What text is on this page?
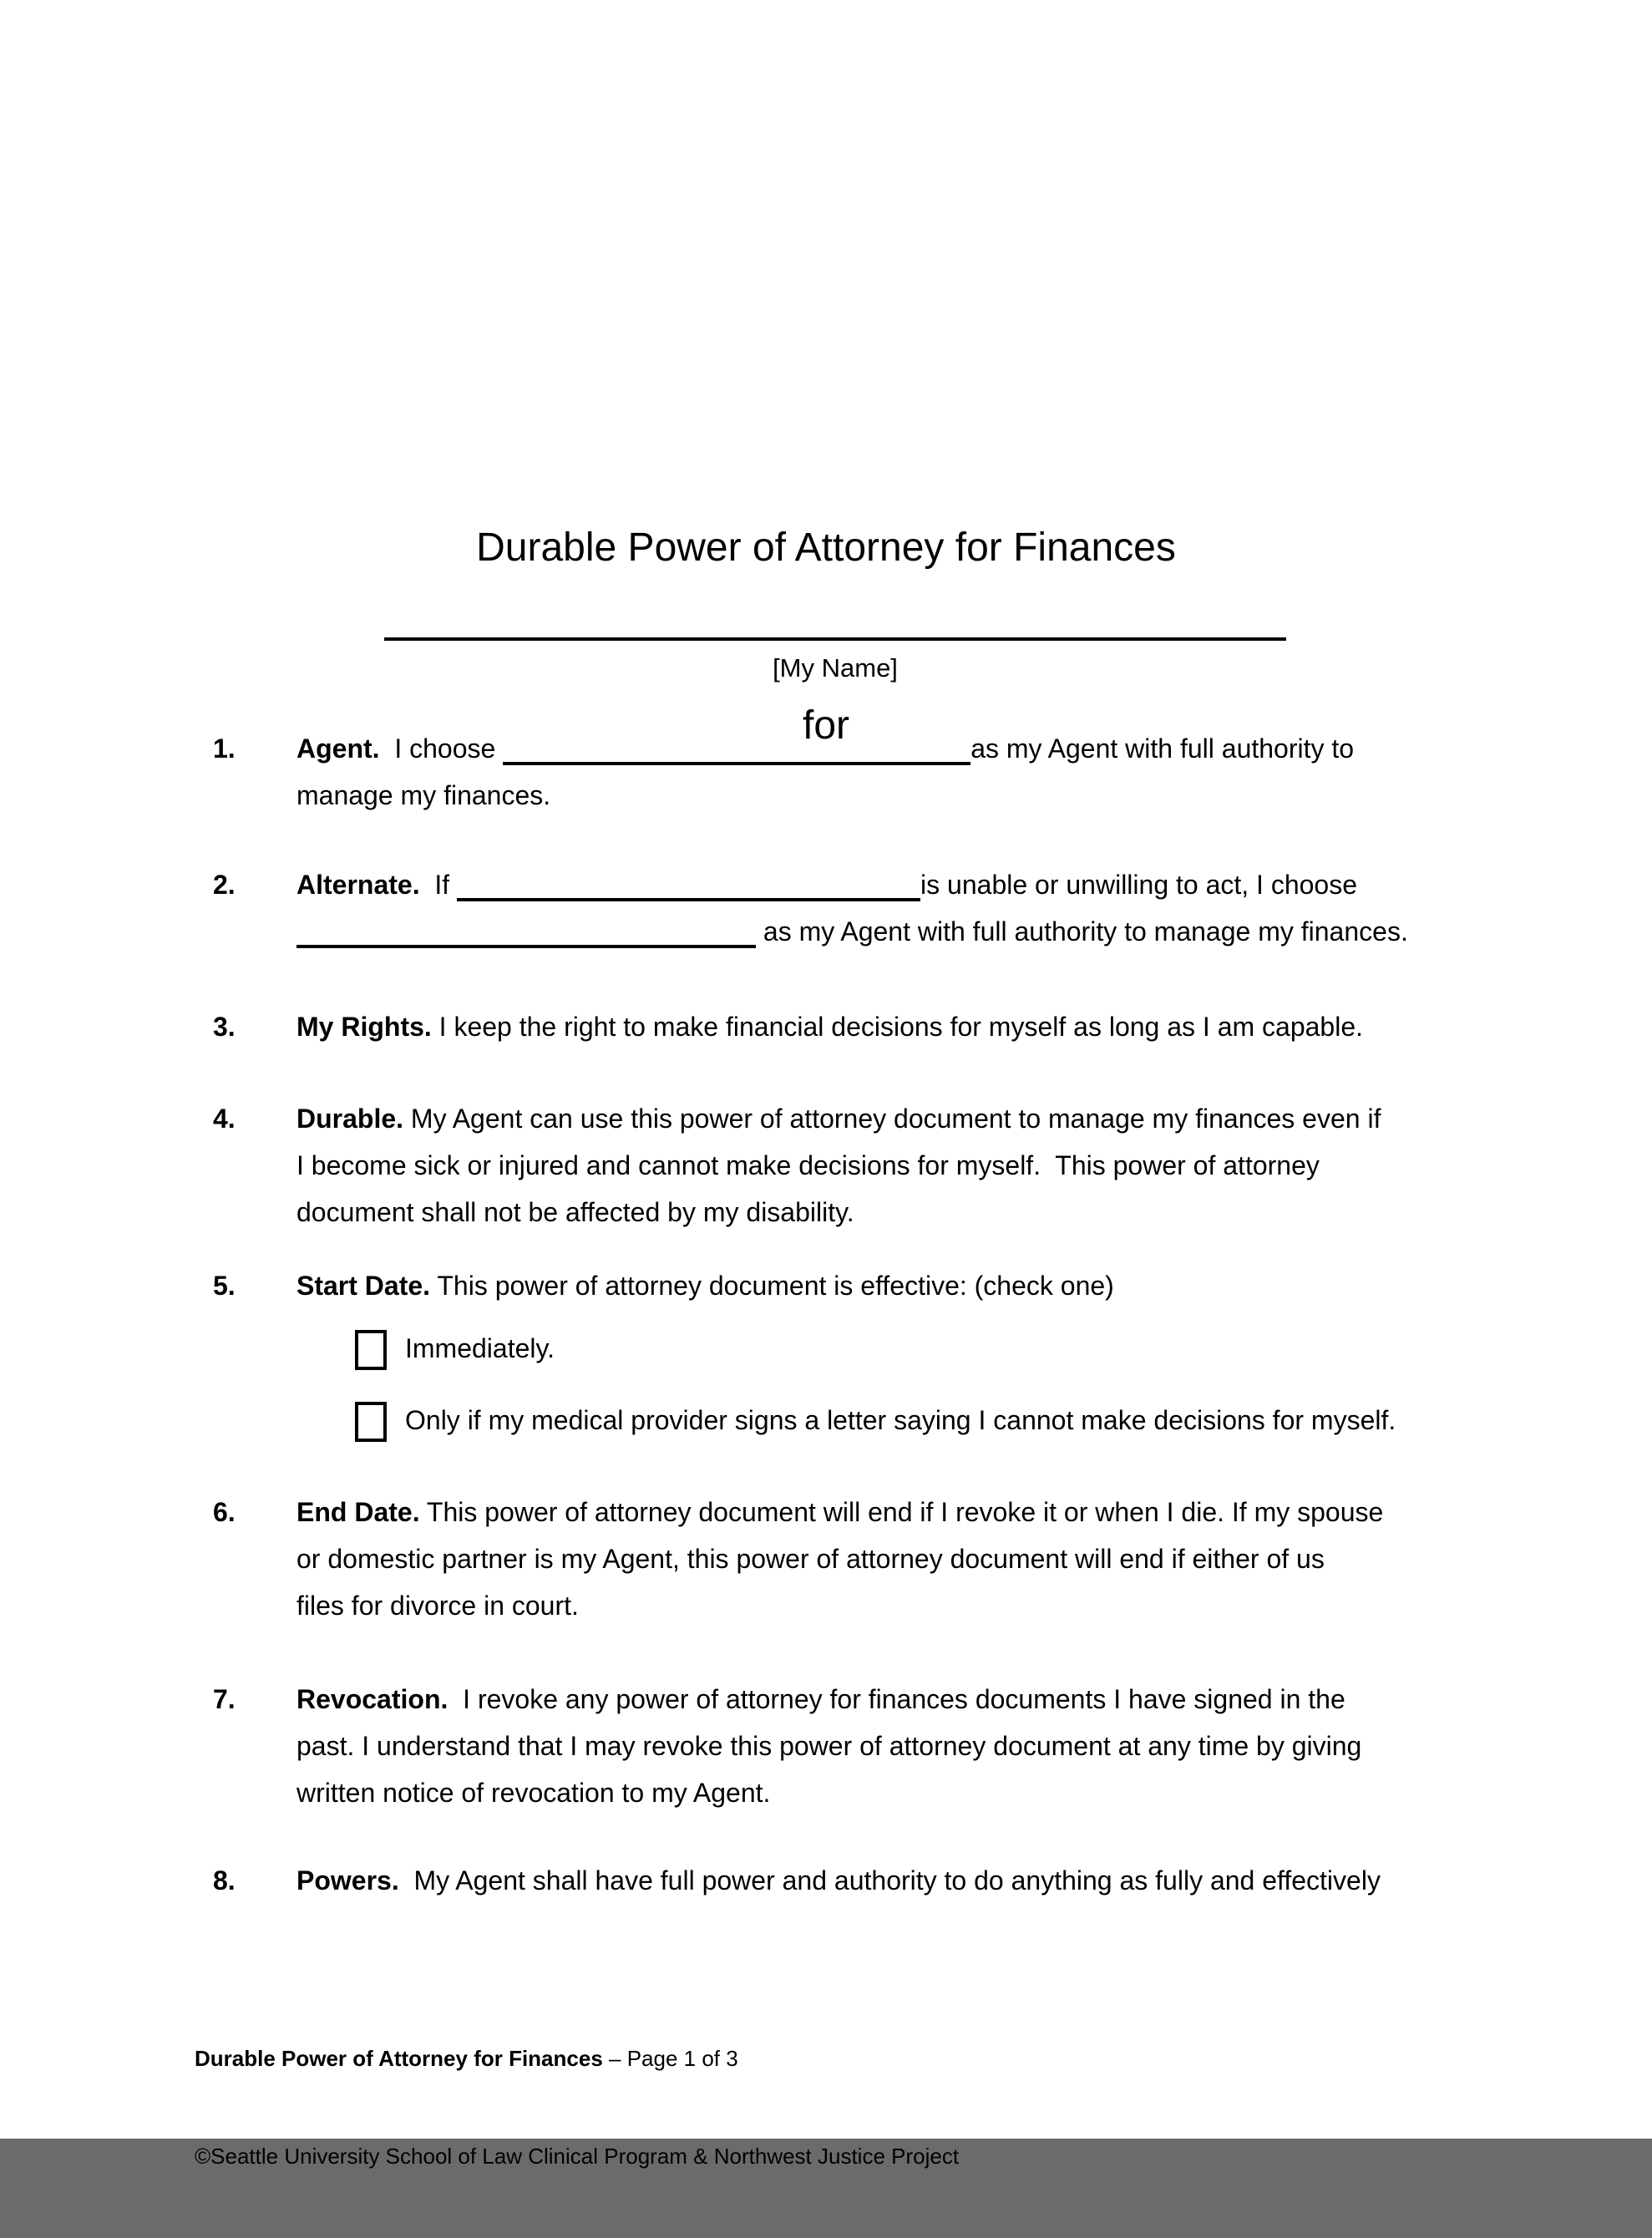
Durable Power of Attorney for Finances

for

[My Name]
1.	Agent.  I choose	as my Agent with full authority to
manage my finances.
2.	Alternate.  If	is unable or unwilling to act, I choose
as my Agent with full authority to manage my finances.
3.	My Rights. I keep the right to make financial decisions for myself as long as I am capable.
4.	Durable. My Agent can use this power of attorney document to manage my finances even if
I become sick or injured and cannot make decisions for myself.  This power of attorney
document shall not be affected by my disability.
5.	Start Date. This power of attorney document is effective: (check one)
Immediately.
Only if my medical provider signs a letter saying I cannot make decisions for myself.
6.	End Date. This power of attorney document will end if I revoke it or when I die. If my spouse
or domestic partner is my Agent, this power of attorney document will end if either of us
files for divorce in court.
7.	Revocation.  I revoke any power of attorney for finances documents I have signed in the
past. I understand that I may revoke this power of attorney document at any time by giving
written notice of revocation to my Agent.
8.	Powers.  My Agent shall have full power and authority to do anything as fully and effectively

Durable Power of Attorney for Finances – Page 1 of 3

©Seattle University School of Law Clinical Program & Northwest Justice Project
